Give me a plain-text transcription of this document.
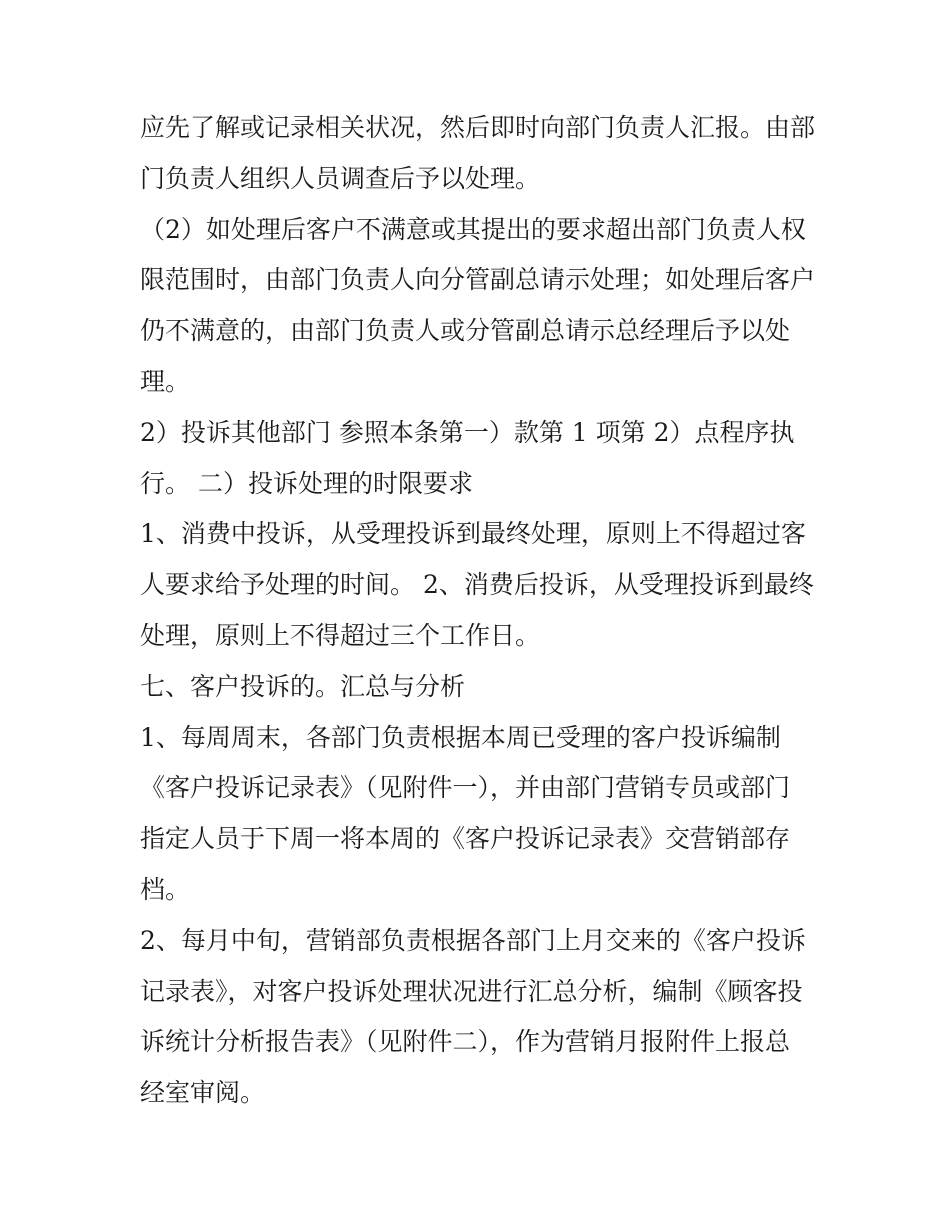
应先了解或记录相关状况，然后即时向部门负责人汇报。由部
门负责人组织人员调查后予以处理。
（2）如处理后客户不满意或其提出的要求超出部门负责人权
限范围时，由部门负责人向分管副总请示处理；如处理后客户
仍不满意的，由部门负责人或分管副总请示总经理后予以处
理。
2）投诉其他部门 参照本条第一）款第 1 项第 2）点程序执
行。 二）投诉处理的时限要求
1、消费中投诉，从受理投诉到最终处理，原则上不得超过客
人要求给予处理的时间。 2、消费后投诉，从受理投诉到最终
处理，原则上不得超过三个工作日。
七、客户投诉的。汇总与分析
1、每周周末，各部门负责根据本周已受理的客户投诉编制
《客户投诉记录表》（见附件一），并由部门营销专员或部门
指定人员于下周一将本周的《客户投诉记录表》交营销部存
档。
2、每月中旬，营销部负责根据各部门上月交来的《客户投诉
记录表》，对客户投诉处理状况进行汇总分析，编制《顾客投
诉统计分析报告表》（见附件二），作为营销月报附件上报总
经室审阅。
